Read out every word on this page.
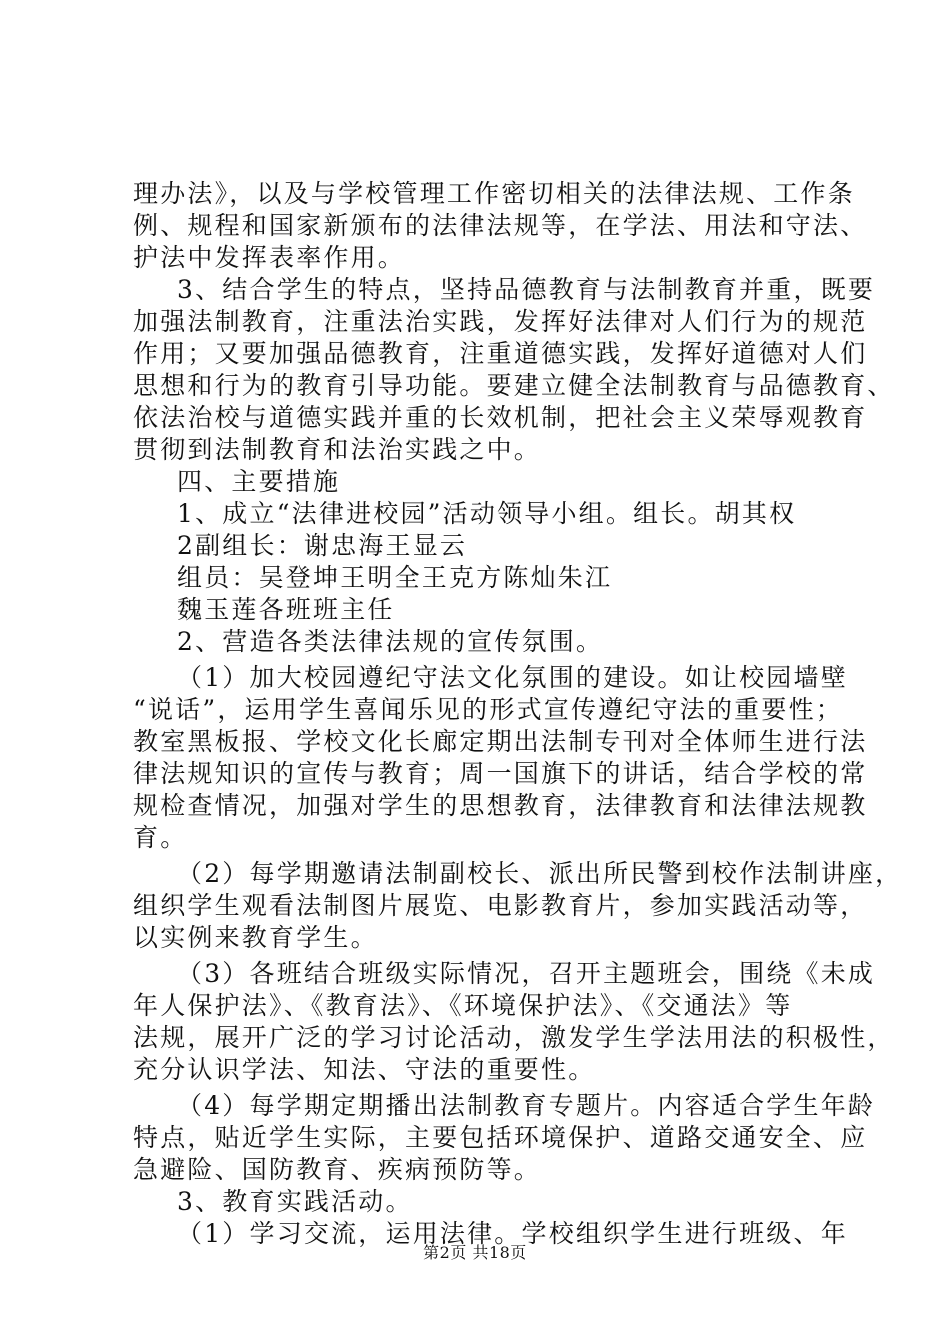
理办法》，以及与学校管理工作密切相关的法律法规、工作条
例、规程和国家新颁布的法律法规等，在学法、用法和守法、
护法中发挥表率作用。
3、结合学生的特点，坚持品德教育与法制教育并重，既要
加强法制教育，注重法治实践，发挥好法律对人们行为的规范
作用；又要加强品德教育，注重道德实践，发挥好道德对人们
思想和行为的教育引导功能。要建立健全法制教育与品德教育、
依法治校与道德实践并重的长效机制，把社会主义荣辱观教育
贯彻到法制教育和法治实践之中。
四、主要措施
1、成立“法律进校园”活动领导小组。组长。胡其权
2副组长：谢忠海王显云
组员：吴登坤王明全王克方陈灿朱江
魏玉莲各班班主任
2、营造各类法律法规的宣传氛围。
（1）加大校园遵纪守法文化氛围的建设。如让校园墙壁
“说话”，运用学生喜闻乐见的形式宣传遵纪守法的重要性；
教室黑板报、学校文化长廊定期出法制专刊对全体师生进行法
律法规知识的宣传与教育；周一国旗下的讲话，结合学校的常
规检查情况，加强对学生的思想教育，法律教育和法律法规教
育。
（2）每学期邀请法制副校长、派出所民警到校作法制讲座，
组织学生观看法制图片展览、电影教育片，参加实践活动等，
以实例来教育学生。
（3）各班结合班级实际情况，召开主题班会，围绕《未成
年人保护法》、《教育法》、《环境保护法》、《交通法》等
法规，展开广泛的学习讨论活动，激发学生学法用法的积极性，
充分认识学法、知法、守法的重要性。
（4）每学期定期播出法制教育专题片。内容适合学生年龄
特点，贴近学生实际，主要包括环境保护、道路交通安全、应
急避险、国防教育、疾病预防等。
3、教育实践活动。
（1）学习交流，运用法律。学校组织学生进行班级、年
第2页 共18页
